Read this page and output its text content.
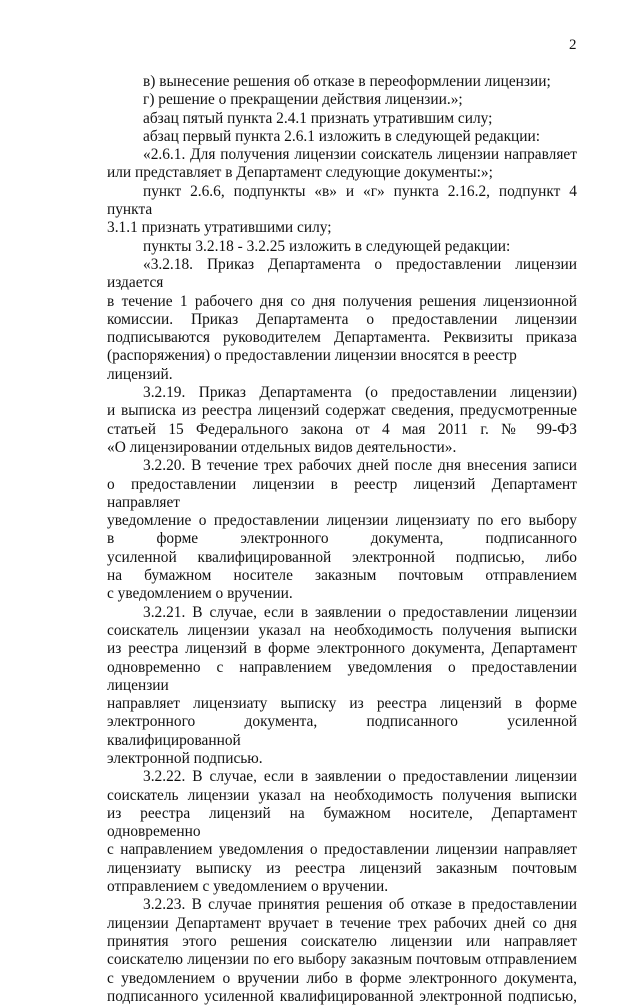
2
в) вынесение решения об отказе в переоформлении лицензии;
г) решение о прекращении действия лицензии.»;
абзац пятый пункта 2.4.1 признать утратившим силу;
абзац первый пункта 2.6.1 изложить в следующей редакции:
«2.6.1. Для получения лицензии соискатель лицензии направляет
или представляет в Департамент следующие документы:»;
пункт 2.6.6, подпункты «в» и «г» пункта 2.16.2, подпункт 4 пункта
3.1.1 признать утратившими силу;
пункты 3.2.18 - 3.2.25 изложить в следующей редакции:
«3.2.18. Приказ Департамента о предоставлении лицензии издается
в течение 1 рабочего дня со дня получения решения лицензионной
комиссии. Приказ Департамента о предоставлении лицензии
подписываются руководителем Департамента. Реквизиты приказа
(распоряжения) о предоставлении лицензии вносятся в реестр лицензий.
3.2.19. Приказ Департамента (о предоставлении лицензии)
и выписка из реестра лицензий содержат сведения, предусмотренные
статьей 15 Федерального закона от 4 мая 2011 г. № 99-ФЗ
«О лицензировании отдельных видов деятельности».
3.2.20. В течение трех рабочих дней после дня внесения записи
о предоставлении лицензии в реестр лицензий Департамент направляет
уведомление о предоставлении лицензии лицензиату по его выбору
в форме электронного документа, подписанного
усиленной квалифицированной электронной подписью, либо
на бумажном носителе заказным почтовым отправлением
с уведомлением о вручении.
3.2.21. В случае, если в заявлении о предоставлении лицензии
соискатель лицензии указал на необходимость получения выписки
из реестра лицензий в форме электронного документа, Департамент
одновременно с направлением уведомления о предоставлении лицензии
направляет лицензиату выписку из реестра лицензий в форме
электронного документа, подписанного усиленной квалифицированной
электронной подписью.
3.2.22. В случае, если в заявлении о предоставлении лицензии
соискатель лицензии указал на необходимость получения выписки
из реестра лицензий на бумажном носителе, Департамент одновременно
с направлением уведомления о предоставлении лицензии направляет
лицензиату выписку из реестра лицензий заказным почтовым
отправлением с уведомлением о вручении.
3.2.23. В случае принятия решения об отказе в предоставлении
лицензии Департамент вручает в течение трех рабочих дней со дня
принятия этого решения соискателю лицензии или направляет
соискателю лицензии по его выбору заказным почтовым отправлением
с уведомлением о вручении либо в форме электронного документа,
подписанного усиленной квалифицированной электронной подписью,
